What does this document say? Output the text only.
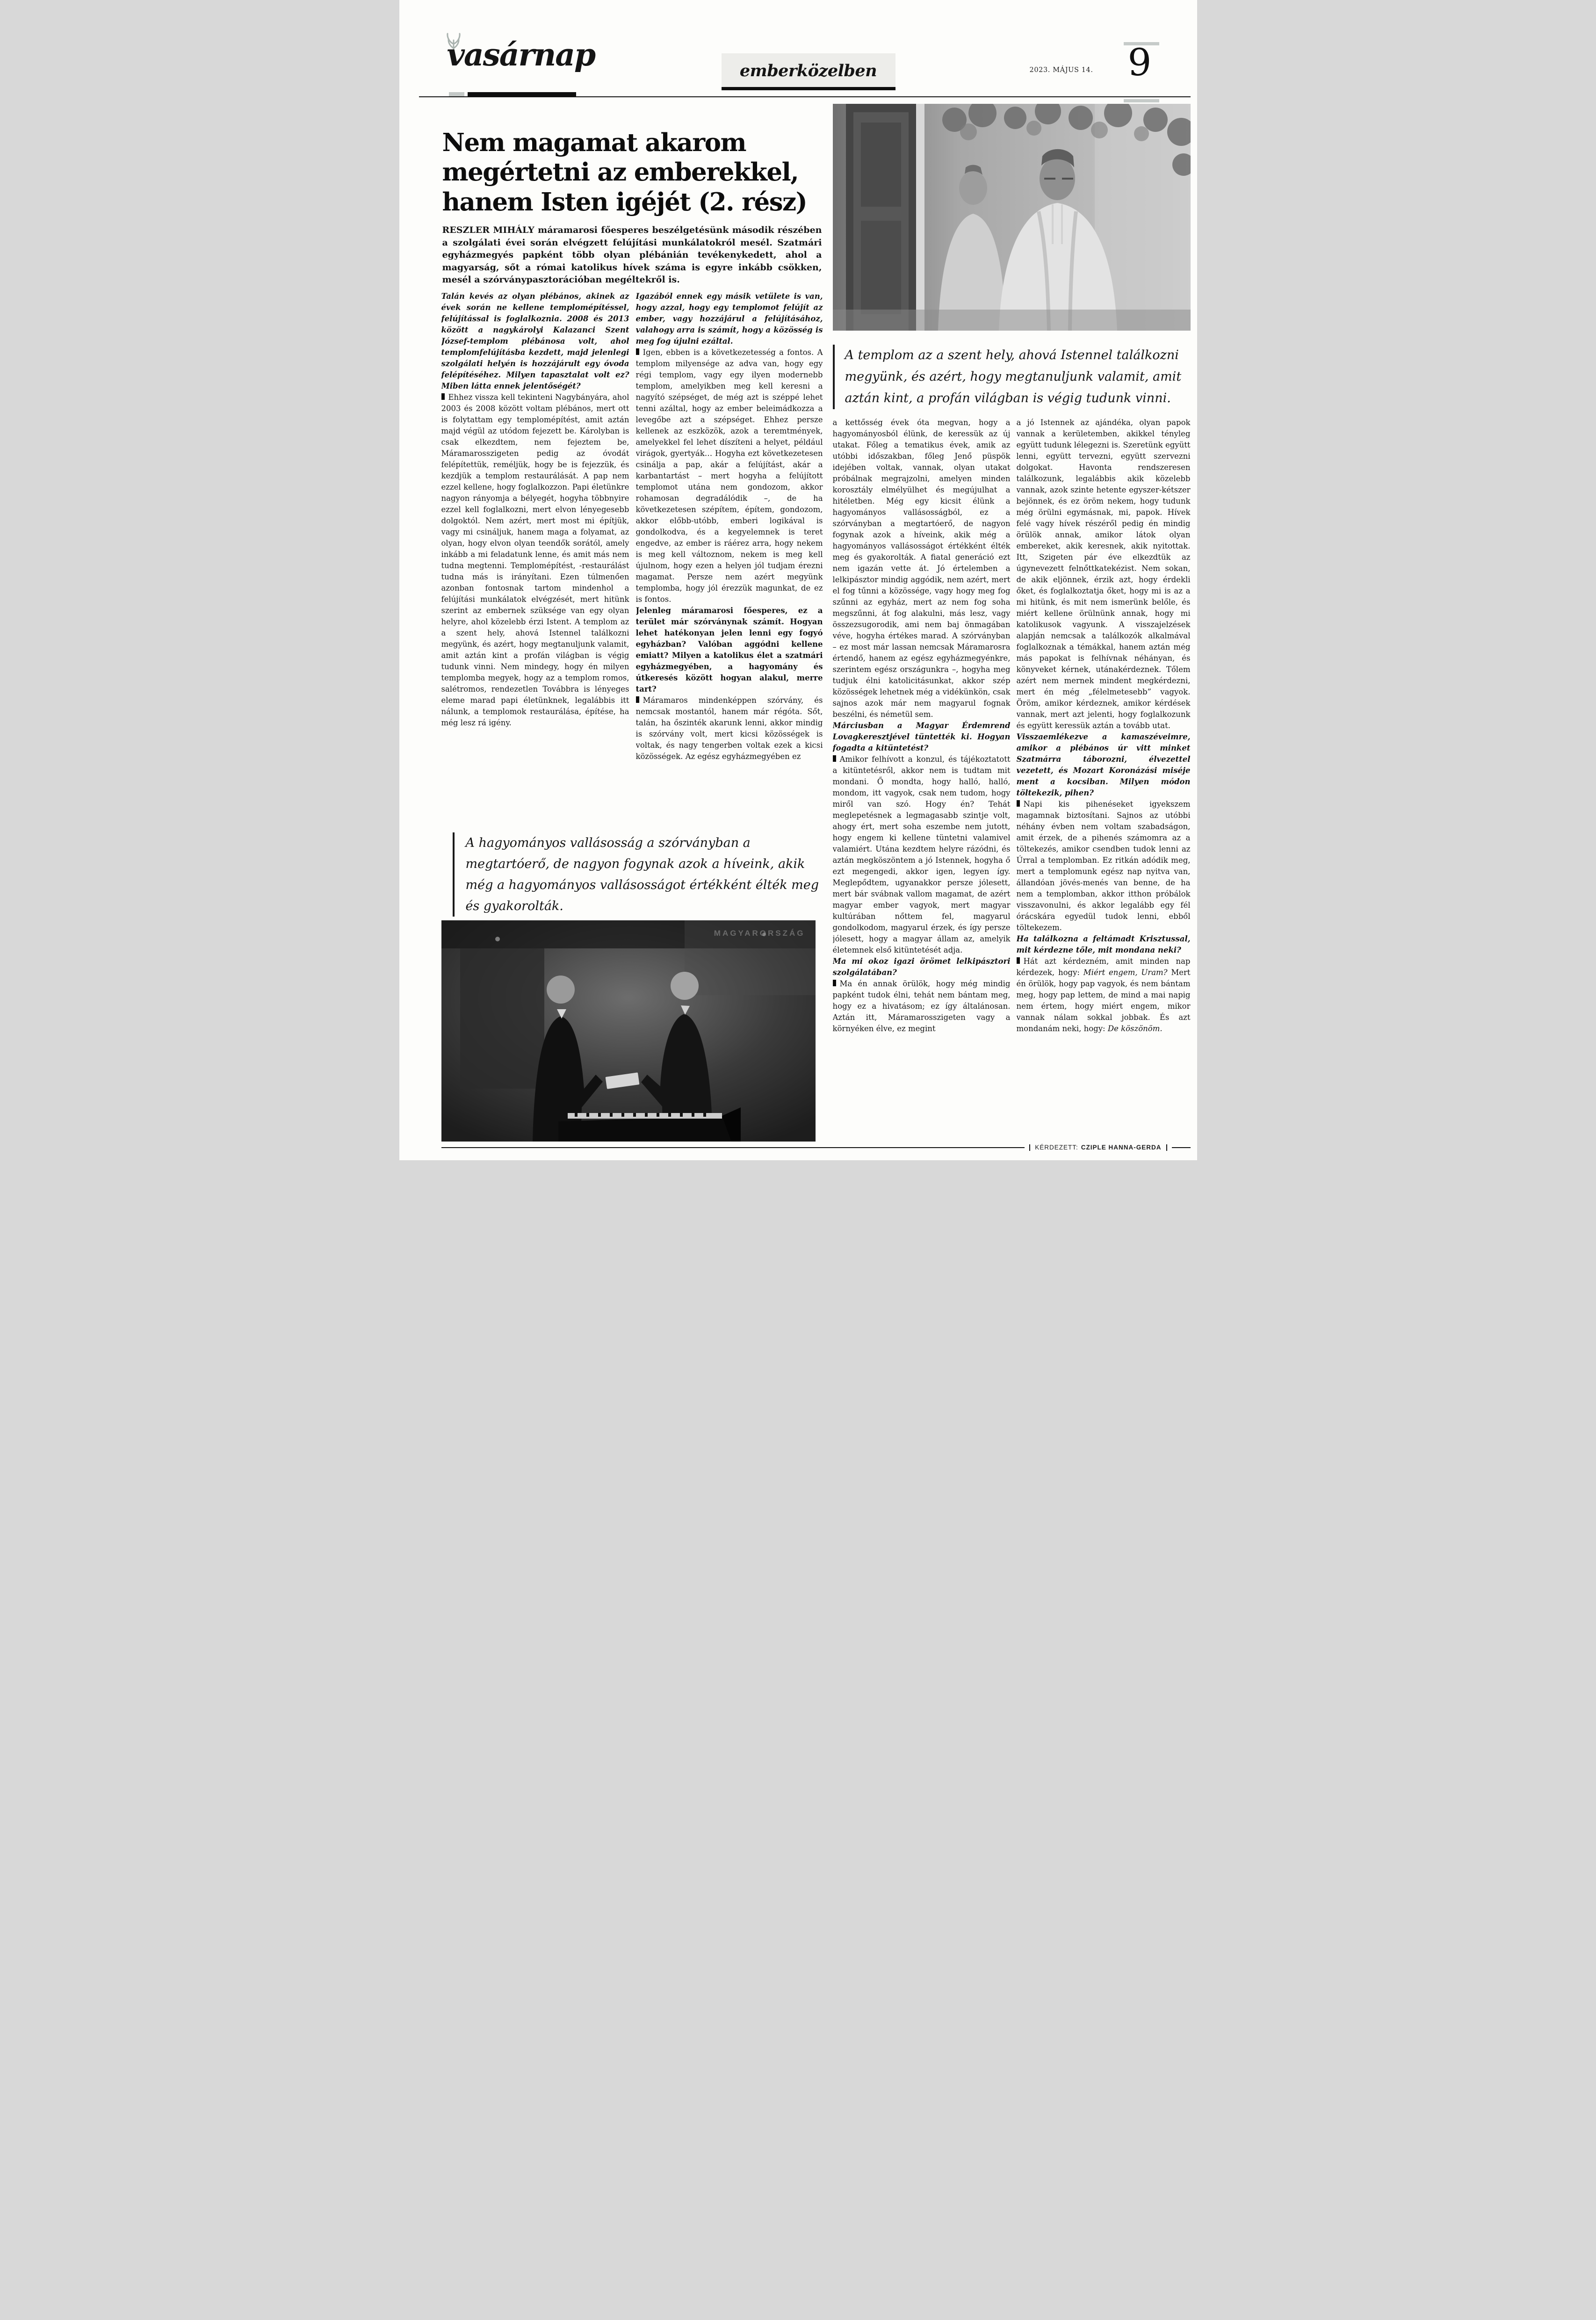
vasárnap	emberközelben	2023. MÁJUS 14. 9
Nem magamat akarom megértetni az emberekkel, hanem Isten igéjét (2. rész)

RESZLER MIHÁLY máramarosi főesperes beszélgetésünk második részében a szolgálati évei során elvégzett felújítási munkálatokról mesél. Szatmári egyházmegyés papként több olyan plébánián tevékenykedett, ahol a magyarság, sőt a római katolikus hívek száma is egyre inkább csökken, mesél a szórványpasztorációban megéltekről is.

A templom az a szent hely, ahová Istennel találkozni megyünk, és azért, hogy megtanuljunk valamit, amit aztán kint, a profán világban is végig tudunk vinni.

Talán kevés az olyan plébános, akinek az évek során ne kellene templomépítéssel, felújítással is foglalkoznia. 2008 és 2013 között a nagykárolyi Kalazanci Szent József-templom plébánosa volt, ahol templomfelújításba kezdett, majd jelenlegi szolgálati helyén is hozzájárult egy óvoda felépítéséhez. Milyen tapasztalat volt ez? Miben látta ennek jelentőségét?

Ehhez vissza kell tekinteni Nagybányára, ahol 2003 és 2008 között voltam plébános, mert ott is folytattam egy templomépítést, amit aztán majd végül az utódom fejezett be. Károlyban is csak elkezdtem, nem fejeztem be, Máramarosszigeten pedig az óvodát felépítettük, reméljük, hogy be is fejezzük, és kezdjük a templom restaurálását. A pap nem ezzel kellene, hogy foglalkozzon. Papi életünkre nagyon rányomja a bélyegét, hogyha többnyire ezzel kell foglalkozni, mert elvon lényegesebb dolgoktól. Nem azért, mert most mi építjük, vagy mi csináljuk, hanem maga a folyamat, az olyan, hogy elvon olyan teendők sorától, amely inkább a mi feladatunk lenne, és amit más nem tudna megtenni. Templomépítést, -restaurálást tudna más is irányítani. Ezen túlmenően azonban fontosnak tartom mindenhol a felújítási munkálatok elvégzését, mert hitünk szerint az embernek szüksége van egy olyan helyre, ahol közelebb érzi Istent. A templom az a szent hely, ahová Istennel találkozni megyünk, és azért, hogy megtanuljunk valamit, amit aztán kint a profán világban is végig tudunk vinni. Nem mindegy, hogy én milyen templomba megyek, hogy az a templom romos, salétromos, rendezetlen Továbbra is lényeges eleme marad papi életünknek, legalábbis itt nálunk, a templomok restaurálása, építése, ha még lesz rá igény.

Igazából ennek egy másik vetülete is van, hogy azzal, hogy egy templomot felújít az ember, vagy hozzájárul a felújításához, valahogy arra is számít, hogy a közösség is meg fog újulni ezáltal.

Igen, ebben is a következetesség a fontos. A templom milyensége az adva van, hogy egy régi templom, vagy egy ilyen modernebb templom, amelyikben meg kell keresni a nagyító szépséget, de még azt is széppé lehet tenni azáltal, hogy az ember beleimádkozza a levegőbe azt a szépséget. Ehhez persze kellenek az eszközök, azok a teremtmények, amelyekkel fel lehet díszíteni a helyet, például virágok, gyertyák… Hogyha ezt következetesen csinálja a pap, akár a felújítást, akár a karbantartást – mert hogyha a felújított templomot utána nem gondozom, akkor rohamosan degradálódik –, de ha következetesen szépítem, építem, gondozom, akkor előbb-utóbb, emberi logikával is gondolkodva, és a kegyelemnek is teret engedve, az ember is ráérez arra, hogy nekem is meg kell változnom, nekem is meg kell újulnom, hogy ezen a helyen jól tudjam érezni magamat. Persze nem azért megyünk templomba, hogy jól érezzük magunkat, de ez is fontos.

Jelenleg máramarosi főesperes, ez a terület már szórványnak számít. Hogyan lehet hatékonyan jelen lenni egy fogyó egyházban? Valóban aggódni kellene emiatt? Milyen a katolikus élet a szatmári egyházmegyében, a hagyomány és útkeresés között hogyan alakul, merre tart?

Máramaros mindenképpen szórvány, és nemcsak mostantól, hanem már régóta. Sőt, talán, ha őszinték akarunk lenni, akkor mindig is szórvány volt, mert kicsi közösségek is voltak, és nagy tengerben voltak ezek a kicsi közösségek. Az egész egyházmegyében ez

a kettősség évek óta megvan, hogy a hagyományosból élünk, de keressük az új utakat. Főleg a tematikus évek, amik az utóbbi időszakban, főleg Jenő püspök idejében voltak, vannak, olyan utakat próbálnak megrajzolni, amelyen minden korosztály elmélyülhet és megújulhat a hitéletben. Még egy kicsit élünk a hagyományos vallásosságból, ez a szórványban a megtartóerő, de nagyon fogynak azok a híveink, akik még a hagyományos vallásosságot értékként élték meg és gyakorolták. A fiatal generáció ezt nem igazán vette át. Jó értelemben a lelkipásztor mindig aggódik, nem azért, mert el fog tűnni a közössége, vagy hogy meg fog szűnni az egyház, mert az nem fog soha megszűnni, át fog alakulni, más lesz, vagy összezsugorodik, ami nem baj önmagában véve, hogyha értékes marad. A szórványban – ez most már lassan nemcsak Máramarosra értendő, hanem az egész egyházmegyénkre, szerintem egész országunkra –, hogyha meg tudjuk élni katolicitásunkat, akkor szép közösségek lehetnek még a vidékünkön, csak sajnos azok már nem magyarul fognak beszélni, és németül sem.

Márciusban a Magyar Érdemrend Lovagkeresztjével tüntették ki. Hogyan fogadta a kitüntetést?

Amikor felhívott a konzul, és tájékoztatott a kitüntetésről, akkor nem is tudtam mit mondani. Ő mondta, hogy halló, halló, mondom, itt vagyok, csak nem tudom, hogy miről van szó. Hogy én? Tehát meglepetésnek a legmagasabb szintje volt, ahogy ért, mert soha eszembe nem jutott, hogy engem ki kellene tüntetni valamivel valamiért. Utána kezdtem helyre rázódni, és aztán megköszöntem a jó Istennek, hogyha ő ezt megengedi, akkor igen, legyen így. Meglepődtem, ugyanakkor persze jólesett, mert bár svábnak vallom magamat, de azért magyar ember vagyok, mert magyar kultúrában nőttem fel, magyarul gondolkodom, magyarul érzek, és így persze jólesett, hogy a magyar állam az, amelyik életemnek első kitüntetését adja.

Ma mi okoz igazi örömet lelkipásztori szolgálatában?

Ma én annak örülök, hogy még mindig papként tudok élni, tehát nem bántam meg, hogy ez a hivatásom; ez így általánosan. Aztán itt, Máramarosszigeten vagy a környéken élve, ez megint

a jó Istennek az ajándéka, olyan papok vannak a kerületemben, akikkel tényleg együtt tudunk lélegezni is. Szeretünk együtt lenni, együtt tervezni, együtt szervezni dolgokat. Havonta rendszeresen találkozunk, legalábbis akik közelebb vannak, azok szinte hetente egyszer-kétszer bejönnek, és ez öröm nekem, hogy tudunk még örülni egymásnak, mi, papok. Hívek felé vagy hívek részéről pedig én mindig örülök annak, amikor látok olyan embereket, akik keresnek, akik nyitottak. Itt, Szigeten pár éve elkezdtük az úgynevezett felnőttkatekézist. Nem sokan, de akik eljönnek, érzik azt, hogy érdekli őket, és foglalkoztatja őket, hogy mi is az a mi hitünk, és mit nem ismerünk belőle, és miért kellene örülnünk annak, hogy mi katolikusok vagyunk. A visszajelzések alapján nemcsak a találkozók alkalmával foglalkoznak a témákkal, hanem aztán még más papokat is felhívnak néhányan, és könyveket kérnek, utánakérdeznek. Tőlem azért nem mernek mindent megkérdezni, mert én még „félelmetesebb” vagyok. Öröm, amikor kérdeznek, amikor kérdések vannak, mert azt jelenti, hogy foglalkozunk és együtt keressük aztán a tovább utat.

Visszaemlékezve a kamaszéveimre, amikor a plébános úr vitt minket Szatmárra táborozni, élvezettel vezetett, és Mozart Koronázási miséje ment a kocsiban. Milyen módon töltekezik, pihen?

Napi kis pihenéseket igyekszem magamnak biztosítani. Sajnos az utóbbi néhány évben nem voltam szabadságon, amit érzek, de a pihenés számomra az a töltekezés, amikor csendben tudok lenni az Úrral a templomban. Ez ritkán adódik meg, mert a templomunk egész nap nyitva van, állandóan jövés-menés van benne, de ha nem a templomban, akkor itthon próbálok visszavonulni, és akkor legalább egy fél órácskára egyedül tudok lenni, ebből töltekezem.

Ha találkozna a feltámadt Krisztussal, mit kérdezne tőle, mit mondana neki?

Hát azt kérdezném, amit minden nap kérdezek, hogy: Miért engem, Uram? Mert én örülök, hogy pap vagyok, és nem bántam meg, hogy pap lettem, de mind a mai napig nem értem, hogy miért engem, mikor vannak nálam sokkal jobbak. És azt mondanám neki, hogy: De köszönöm.

A hagyományos vallásosság a szórványban a megtartóerő, de nagyon fogynak azok a híveink, akik még a hagyományos vallásosságot értékként élték meg és gyakorolták.
MAGYARORSZÁG
KÉRDEZETT: CZIPLE HANNA-GERDA
